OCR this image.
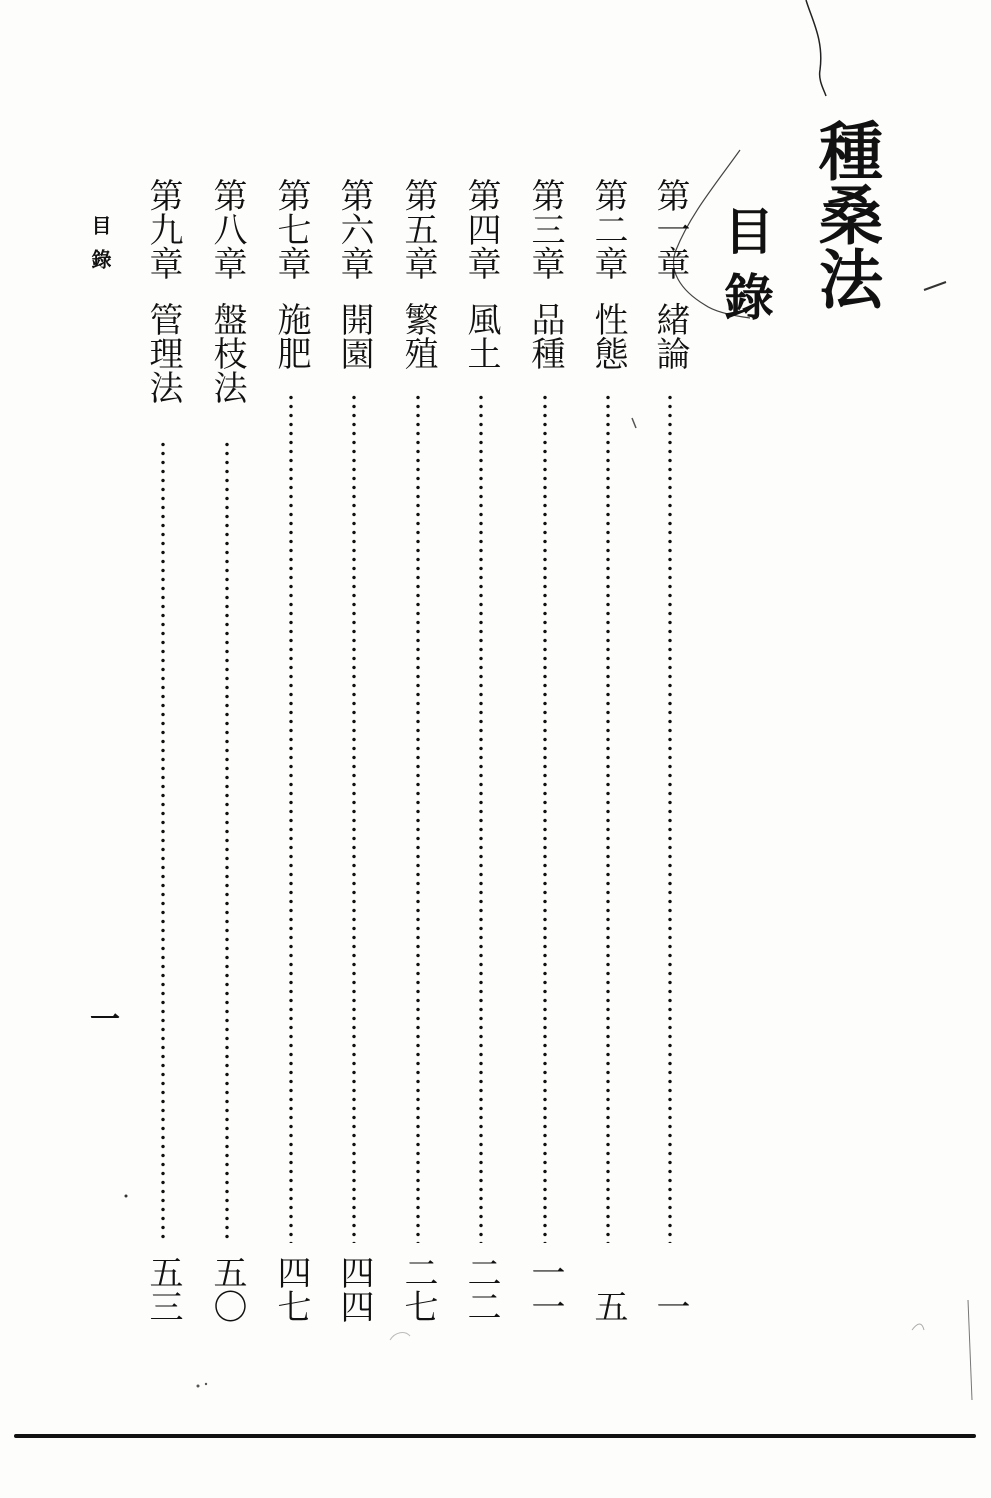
種桑法
目錄
第一章
緒論
一
第二章
性態
五
第三章
品種
一一
第四章
風土
二二
第五章
繁殖
二七
第六章
開園
四四
第七章
施肥
四七
第八章
盤枝法
五〇
第九章
管理法
五三
目錄
一
